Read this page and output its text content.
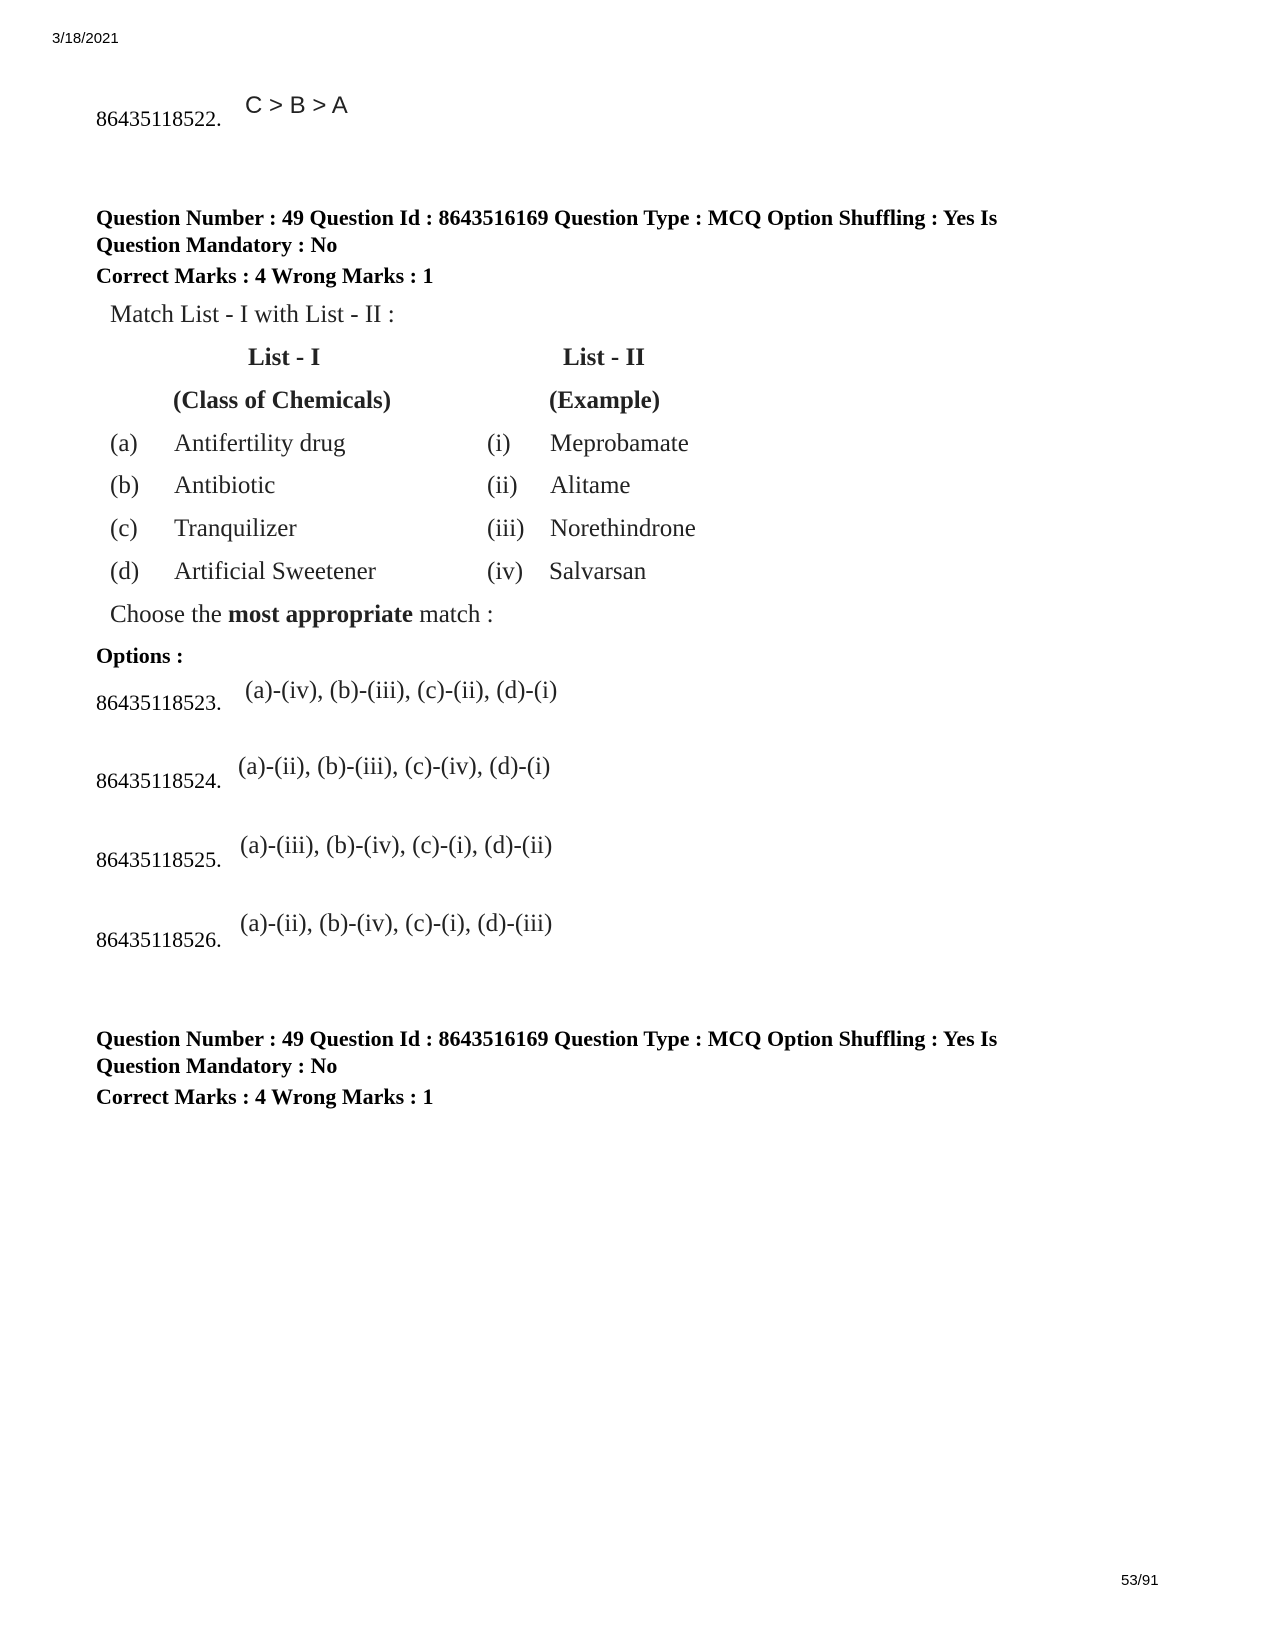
3/18/2021
86435118522. C > B > A
Question Number : 49 Question Id : 8643516169 Question Type : MCQ Option Shuffling : Yes Is
Question Mandatory : No
Correct Marks : 4 Wrong Marks : 1
Match List - I with List - II :
List - I	List - II
(Class of Chemicals)	(Example)
(a) Antifertility drug	(i) Meprobamate
(b) Antibiotic	(ii) Alitame
(c) Tranquilizer	(iii) Norethindrone
(d) Artificial Sweetener	(iv) Salvarsan
Choose the most appropriate match :
Options :
86435118523. (a)-(iv), (b)-(iii), (c)-(ii), (d)-(i)
86435118524.
(a)-(ii), (b)-(iii), (c)-(iv), (d)-(i)
86435118525.
(a)-(iii), (b)-(iv), (c)-(i), (d)-(ii)
86435118526.
(a)-(ii), (b)-(iv), (c)-(i), (d)-(iii)
Question Number : 49 Question Id : 8643516169 Question Type : MCQ Option Shuffling : Yes Is
Question Mandatory : No
Correct Marks : 4 Wrong Marks : 1
53/91
